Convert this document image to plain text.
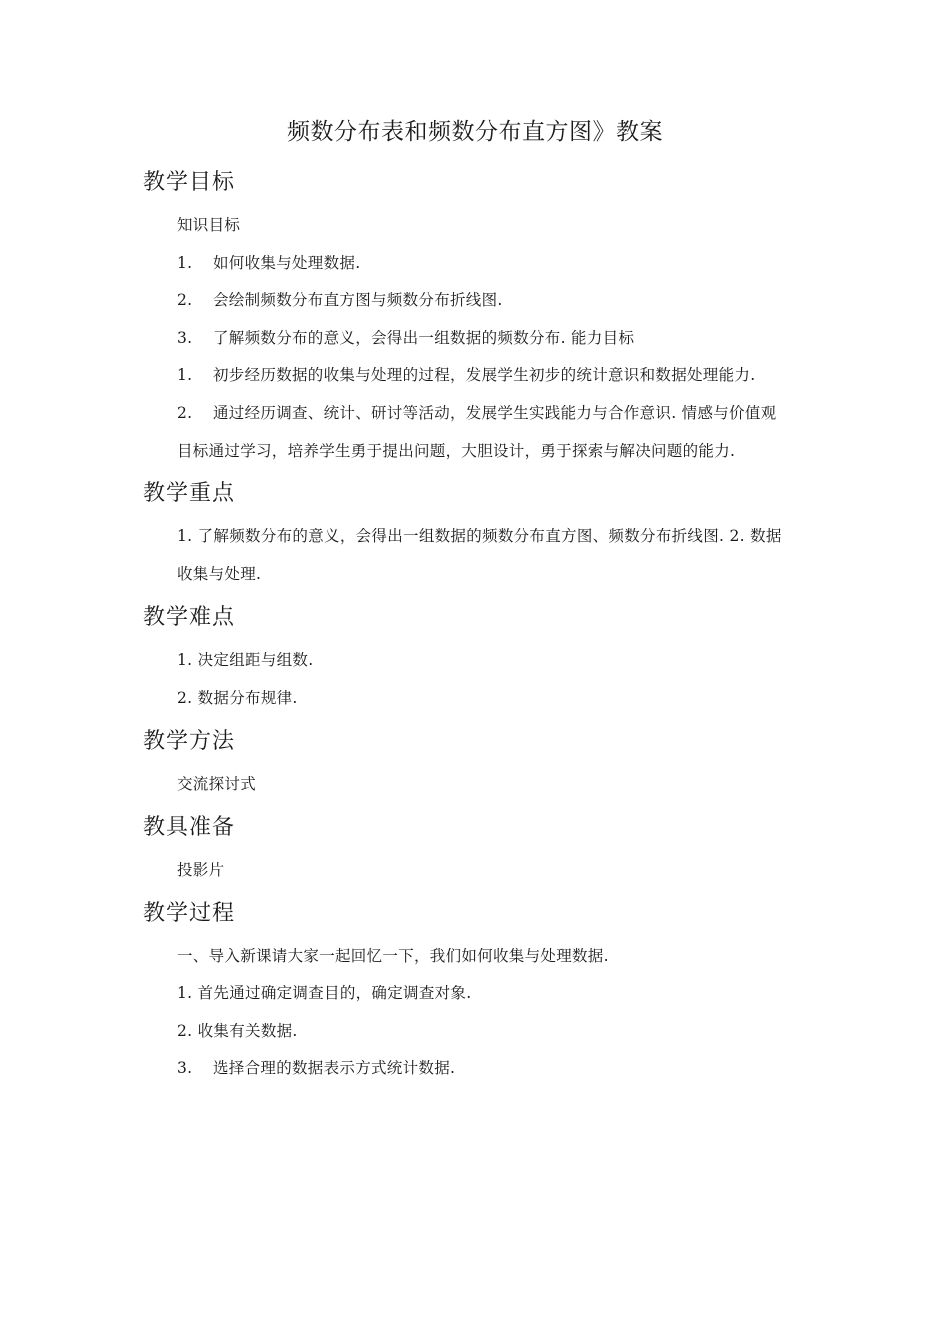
频数分布表和频数分布直方图》教案
教学目标
知识目标
1. 如何收集与处理数据.
2. 会绘制频数分布直方图与频数分布折线图.
3. 了解频数分布的意义，会得出一组数据的频数分布. 能力目标
1. 初步经历数据的收集与处理的过程，发展学生初步的统计意识和数据处理能力.
2. 通过经历调查、统计、研讨等活动，发展学生实践能力与合作意识. 情感与价值观
目标通过学习，培养学生勇于提出问题，大胆设计，勇于探索与解决问题的能力.
教学重点
1. 了解频数分布的意义，会得出一组数据的频数分布直方图、频数分布折线图. 2. 数据
收集与处理.
教学难点
1. 决定组距与组数.
2. 数据分布规律.
教学方法
交流探讨式
教具准备
投影片
教学过程
一、导入新课请大家一起回忆一下，我们如何收集与处理数据.
1. 首先通过确定调查目的，确定调查对象.
2. 收集有关数据.
3. 选择合理的数据表示方式统计数据.
